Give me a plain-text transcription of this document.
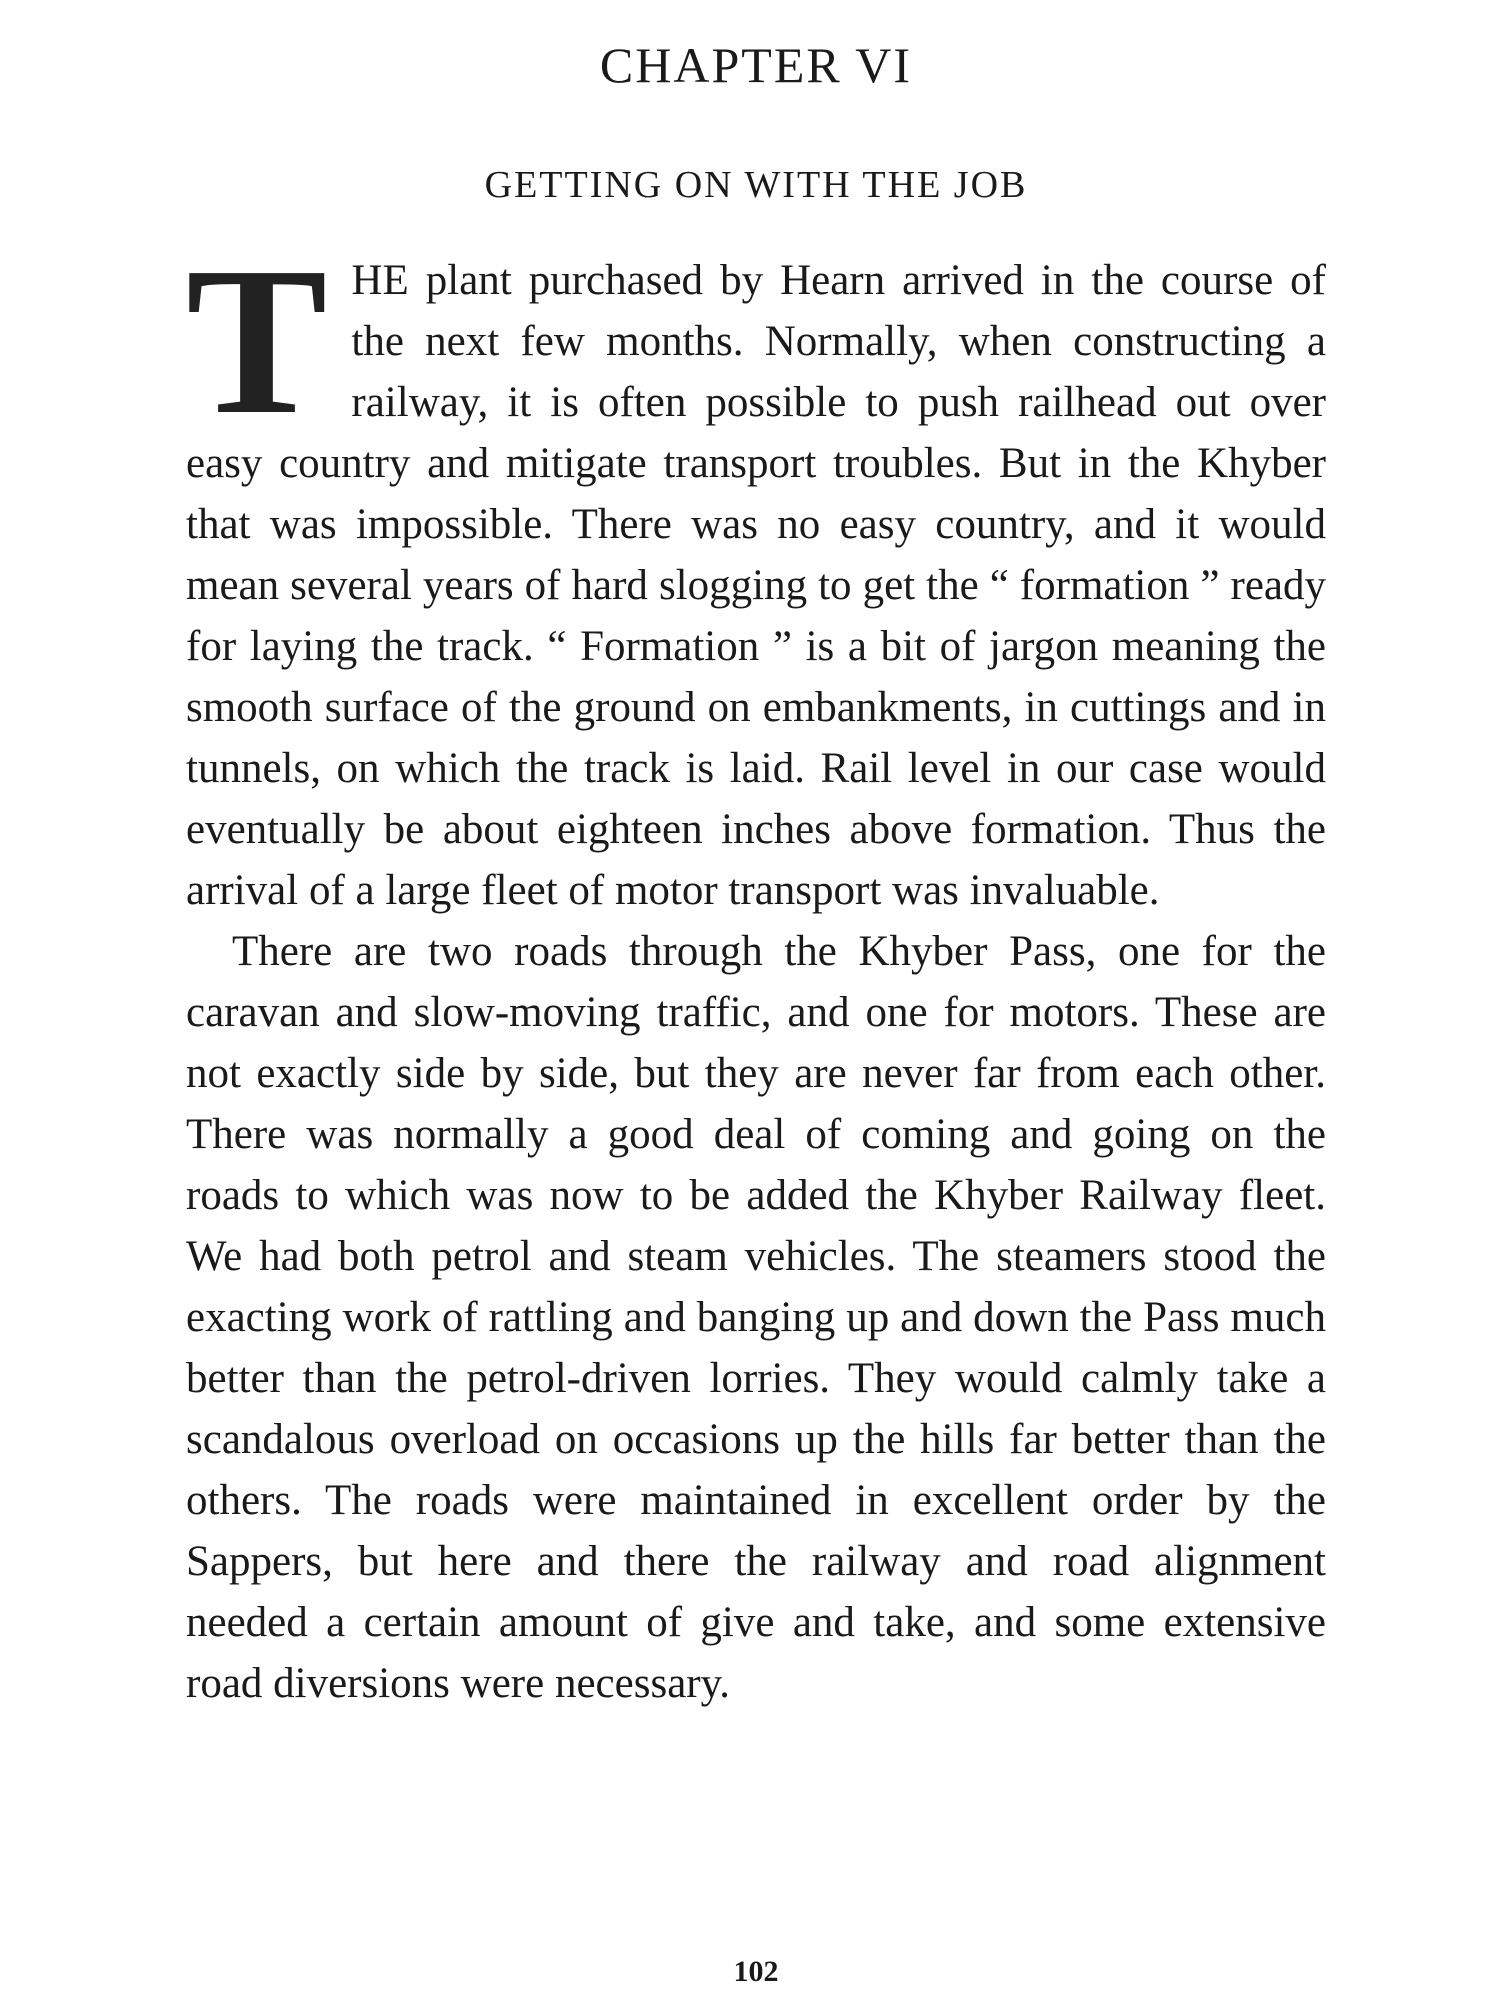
CHAPTER VI
GETTING ON WITH THE JOB

THE plant purchased by Hearn arrived in the course of the next few months. Normally, when constructing a railway, it is often possible to push railhead out over easy country and mitigate transport troubles. But in the Khyber that was impossible. There was no easy country, and it would mean several years of hard slogging to get the “ formation ” ready for laying the track. “ Formation ” is a bit of jargon meaning the smooth surface of the ground on embankments, in cuttings and in tunnels, on which the track is laid. Rail level in our case would eventually be about eighteen inches above formation. Thus the arrival of a large fleet of motor transport was invaluable.

There are two roads through the Khyber Pass, one for the caravan and slow-moving traffic, and one for motors. These are not exactly side by side, but they are never far from each other. There was normally a good deal of coming and going on the roads to which was now to be added the Khyber Railway fleet. We had both petrol and steam vehicles. The steamers stood the exacting work of rattling and banging up and down the Pass much better than the petrol-driven lorries. They would calmly take a scandalous overload on occasions up the hills far better than the others. The roads were maintained in excellent order by the Sappers, but here and there the railway and road alignment needed a certain amount of give and take, and some extensive road diversions were necessary.

102
